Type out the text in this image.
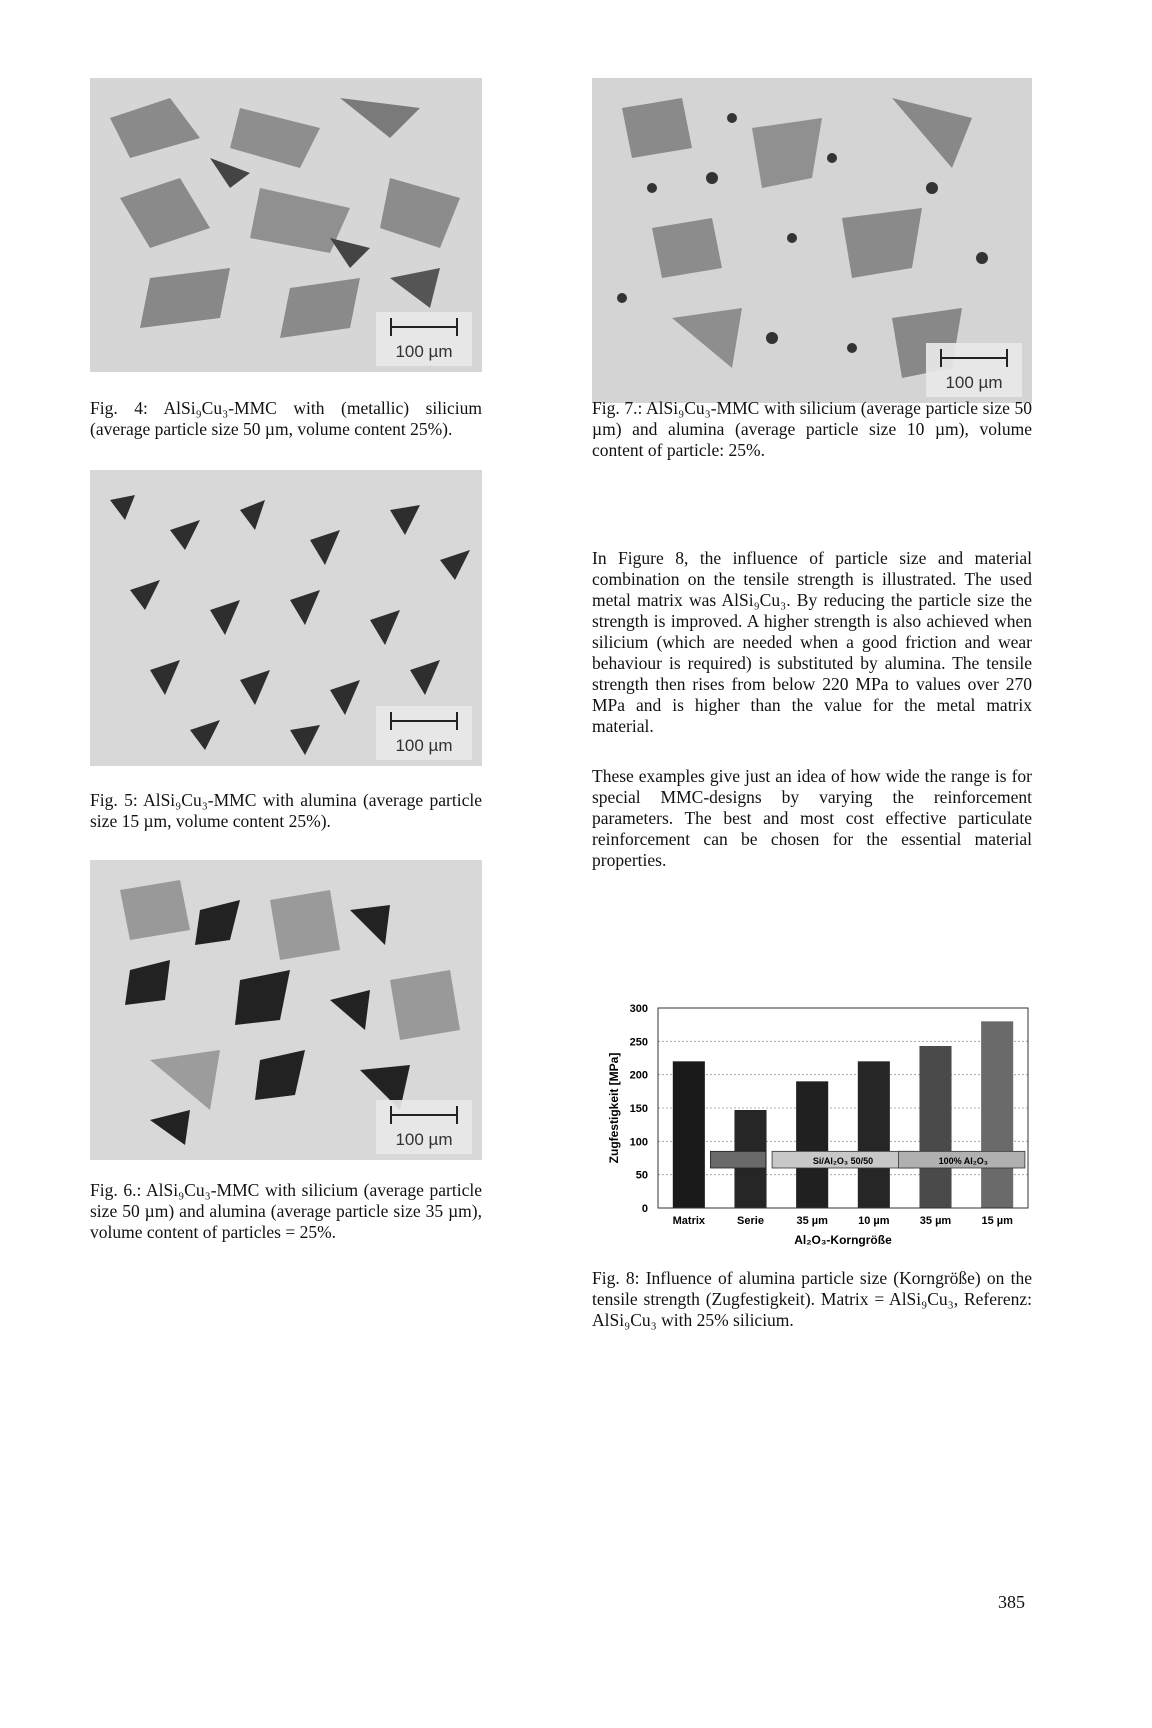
100 µm
Fig. 4: AlSi₉Cu₃-MMC with (metallic) silicium (average particle size 50 µm, volume content 25%).
100 µm
Fig. 7.: AlSi₉Cu₃-MMC with silicium (average particle size 50 µm) and alumina (average particle size 10 µm), volume content of particle: 25%.
100 µm
Fig. 5: AlSi₉Cu₃-MMC with alumina (average particle size 15 µm, volume content 25%).
100 µm
Fig. 6.: AlSi₉Cu₃-MMC with silicium (average particle size 50 µm) and alumina (average particle size 35 µm), volume content of particles = 25%.
In Figure 8, the influence of particle size and material combination on the tensile strength is illustrated. The used metal matrix was AlSi₉Cu₃. By reducing the particle size the strength is improved. A higher strength is also achieved when silicium (which are needed when a good friction and wear behaviour is required) is substituted by alumina. The tensile strength then rises from below 220 MPa to values over 270 MPa and is higher than the value for the metal matrix material.
These examples give just an idea of how wide the range is for special MMC-designs by varying the reinforcement parameters. The best and most cost effective particulate reinforcement can be chosen for the essential material properties.
0
50
100
150
200
250
300
Matrix	Serie	35 µm	10 µm	35 µm	15 µm
Si/Al₂O₃ 50/50	100% Al₂O₃
Zugfestigkeit [MPa]
Al₂O₃-Korngröße
Fig. 8: Influence of alumina particle size (Korngröße) on the tensile strength (Zugfestigkeit). Matrix = AlSi₉Cu₃, Referenz: AlSi₉Cu₃ with 25% silicium.
385
